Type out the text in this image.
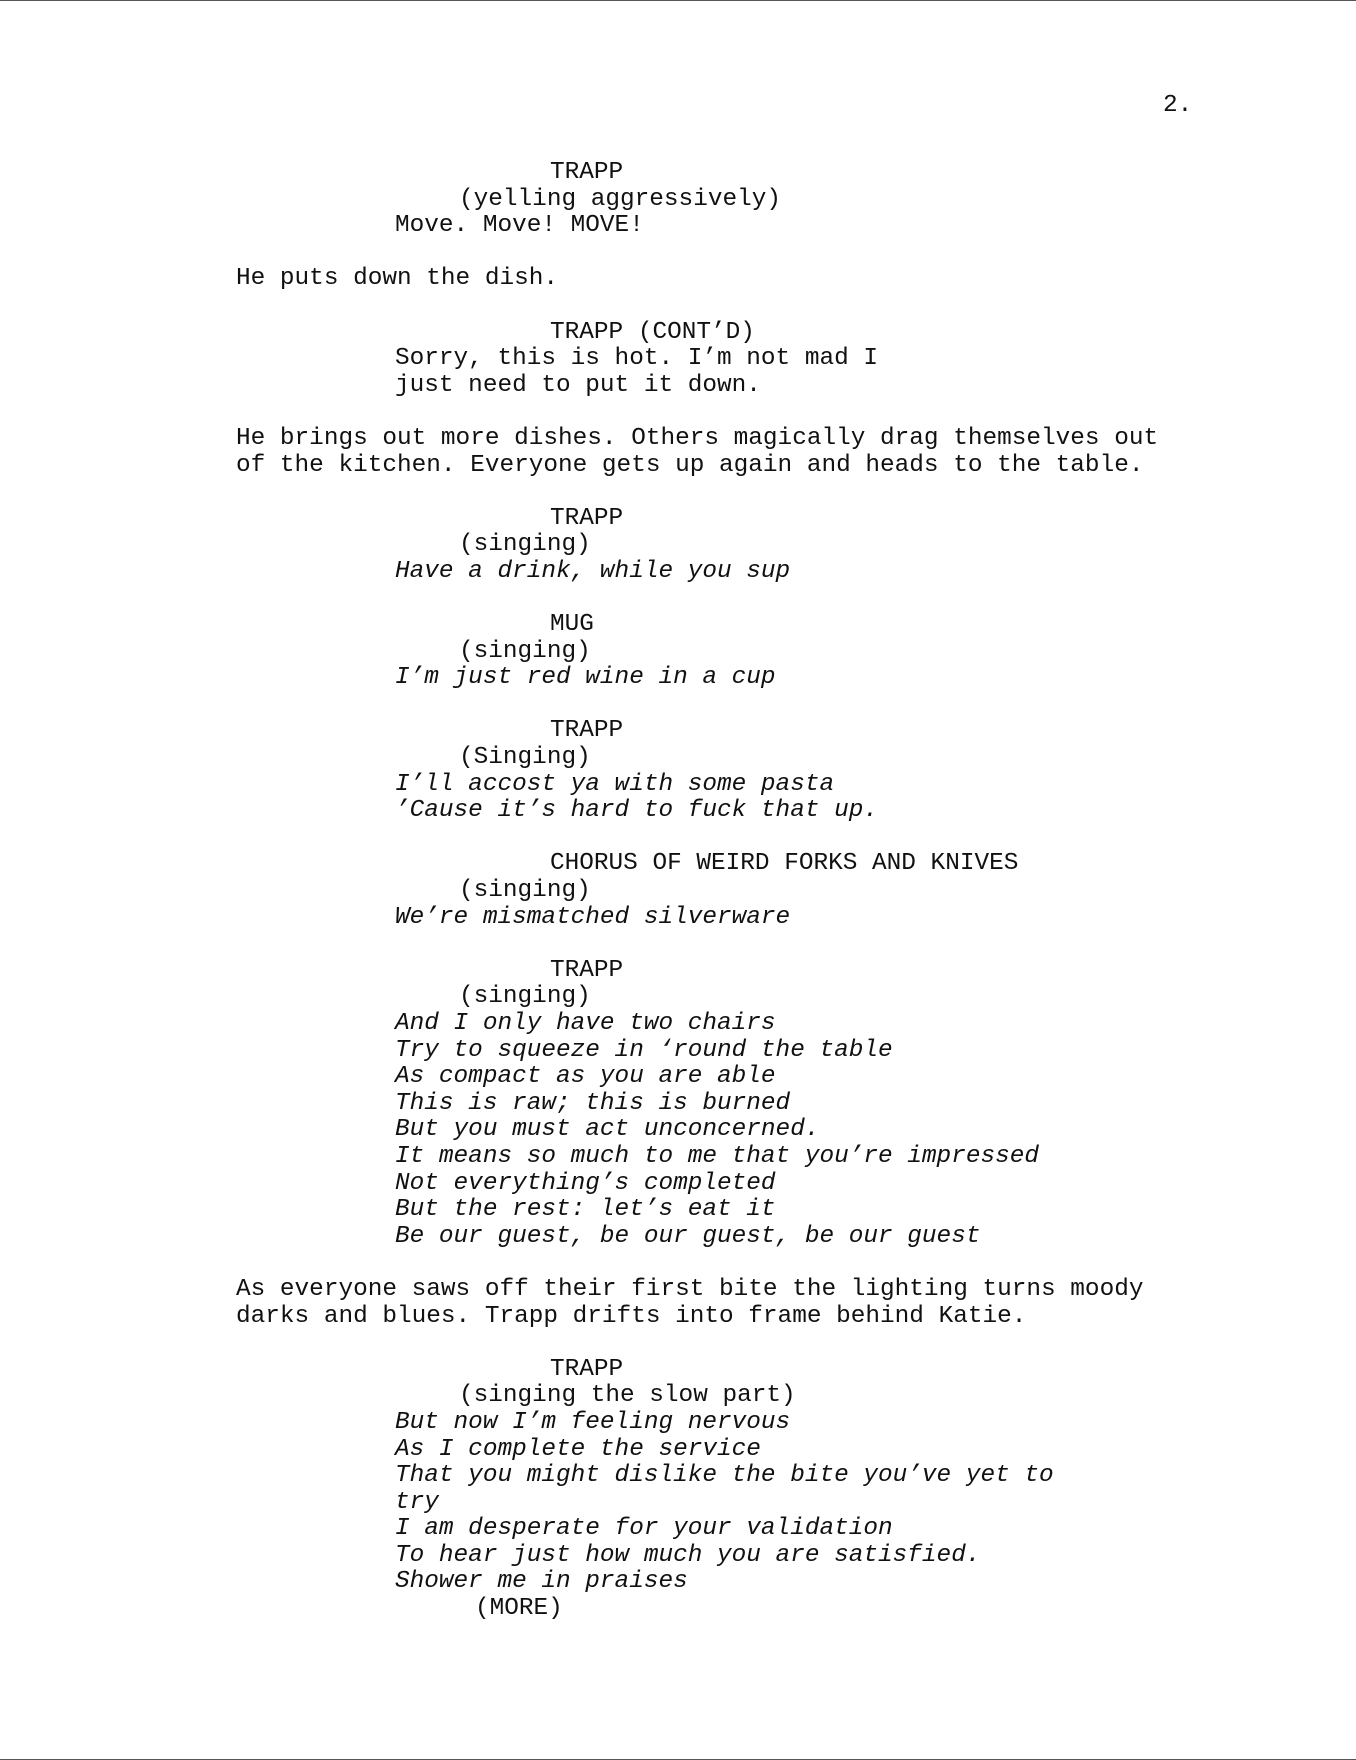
2.
TRAPP
(yelling aggressively)
Move. Move! MOVE!
He puts down the dish.
TRAPP (CONT’D)
Sorry, this is hot. I’m not mad I
just need to put it down.
He brings out more dishes. Others magically drag themselves out
of the kitchen. Everyone gets up again and heads to the table.
TRAPP
(singing)
Have a drink, while you sup
MUG
(singing)
I’m just red wine in a cup
TRAPP
(Singing)
I’ll accost ya with some pasta
’Cause it’s hard to fuck that up.
CHORUS OF WEIRD FORKS AND KNIVES
(singing)
We’re mismatched silverware
TRAPP
(singing)
And I only have two chairs
Try to squeeze in ‘round the table
As compact as you are able
This is raw; this is burned
But you must act unconcerned.
It means so much to me that you’re impressed
Not everything’s completed
But the rest: let’s eat it
Be our guest, be our guest, be our guest
As everyone saws off their first bite the lighting turns moody
darks and blues. Trapp drifts into frame behind Katie.
TRAPP
(singing the slow part)
But now I’m feeling nervous
As I complete the service
That you might dislike the bite you’ve yet to
try
I am desperate for your validation
To hear just how much you are satisfied.
Shower me in praises
(MORE)
